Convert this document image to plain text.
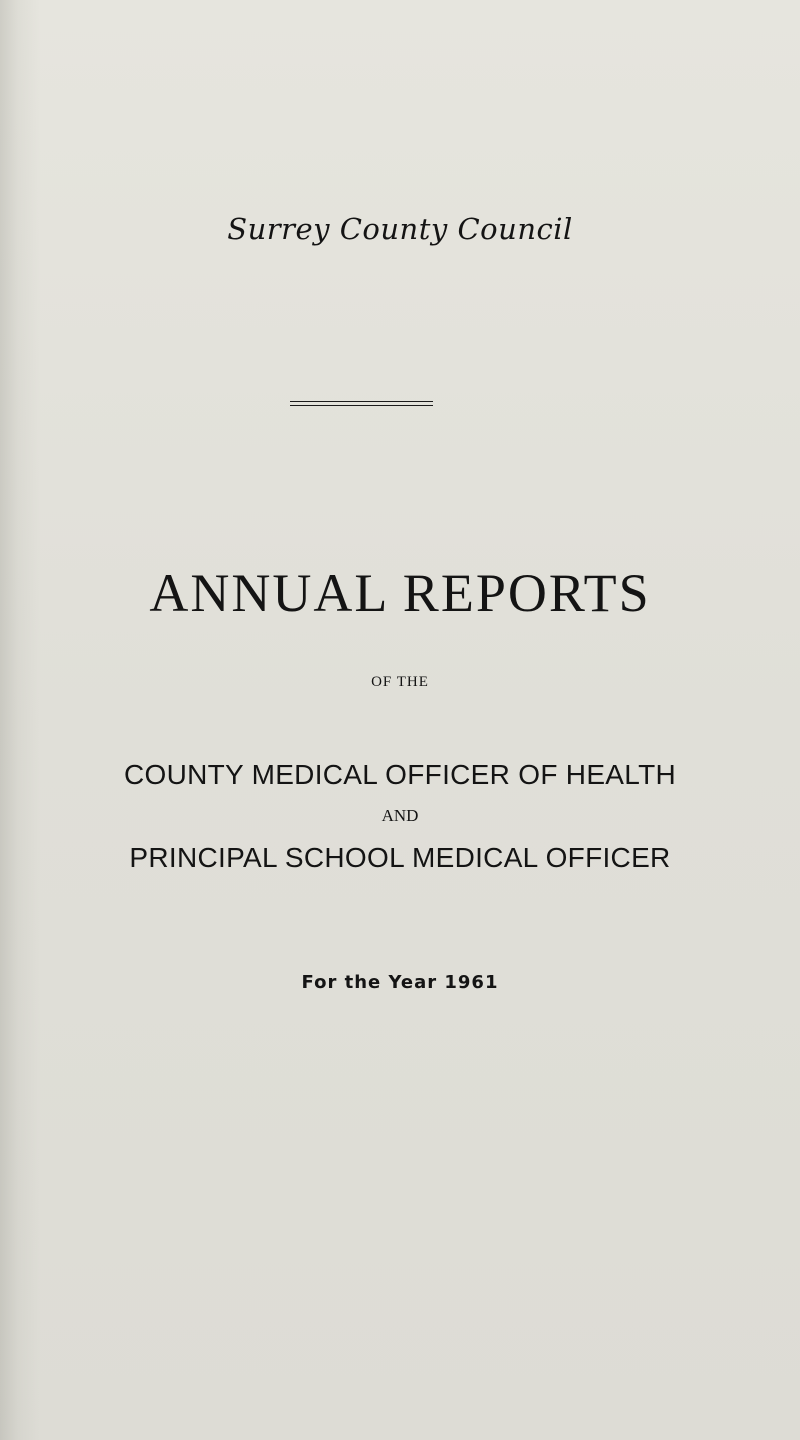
Surrey County Council
ANNUAL REPORTS
OF THE
COUNTY MEDICAL OFFICER OF HEALTH
AND
PRINCIPAL SCHOOL MEDICAL OFFICER
For the Year 1961
